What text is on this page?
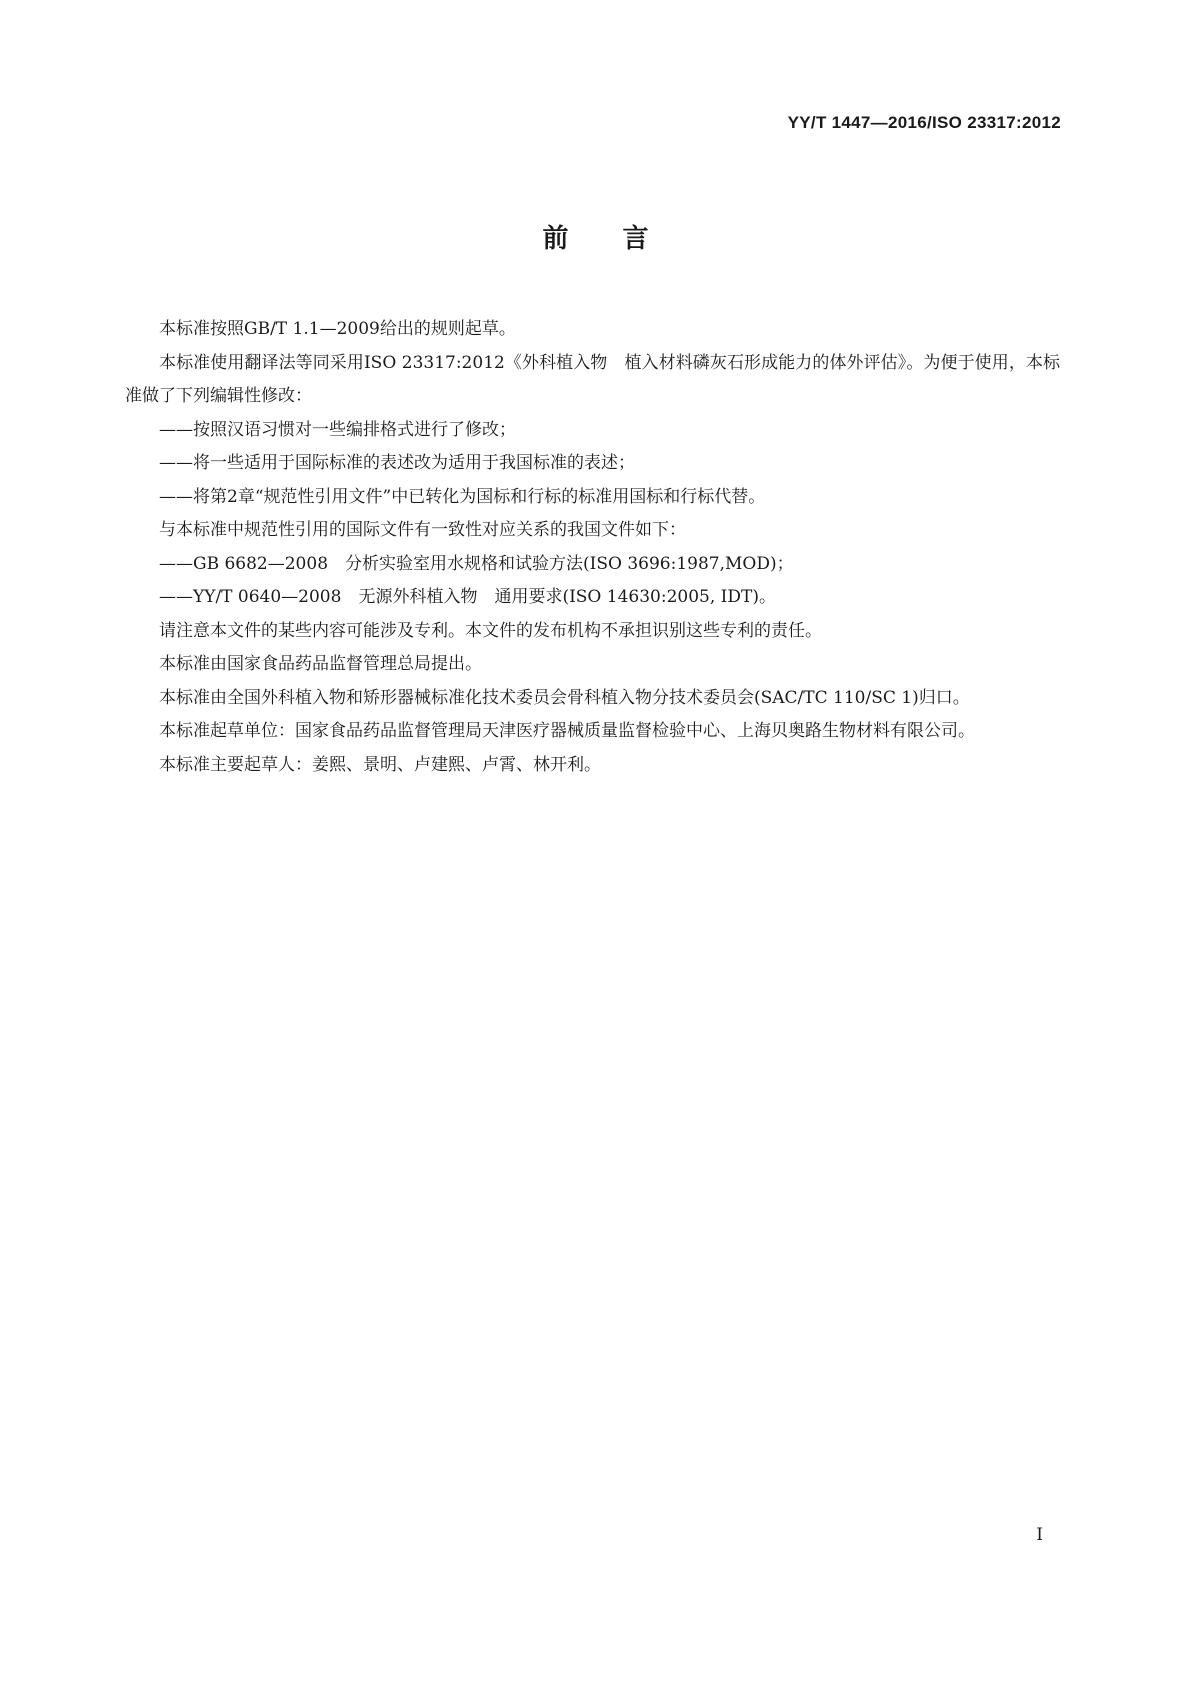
YY/T 1447—2016/ISO 23317:2012
前言

本标准按照GB/T 1.1—2009给出的规则起草。

本标准使用翻译法等同采用ISO 23317:2012《外科植入物　植入材料磷灰石形成能力的体外评估》。为便于使用，本标准做了下列编辑性修改：

——按照汉语习惯对一些编排格式进行了修改；

——将一些适用于国际标准的表述改为适用于我国标准的表述；

——将第2章“规范性引用文件”中已转化为国标和行标的标准用国标和行标代替。

与本标准中规范性引用的国际文件有一致性对应关系的我国文件如下：

——GB 6682—2008　分析实验室用水规格和试验方法(ISO 3696:1987,MOD)；

——YY/T 0640—2008　无源外科植入物　通用要求(ISO 14630:2005, IDT)。

请注意本文件的某些内容可能涉及专利。本文件的发布机构不承担识别这些专利的责任。

本标准由国家食品药品监督管理总局提出。

本标准由全国外科植入物和矫形器械标准化技术委员会骨科植入物分技术委员会(SAC/TC 110/SC 1)归口。

本标准起草单位：国家食品药品监督管理局天津医疗器械质量监督检验中心、上海贝奥路生物材料有限公司。

本标准主要起草人：姜熙、景明、卢建熙、卢霄、林开利。

I
